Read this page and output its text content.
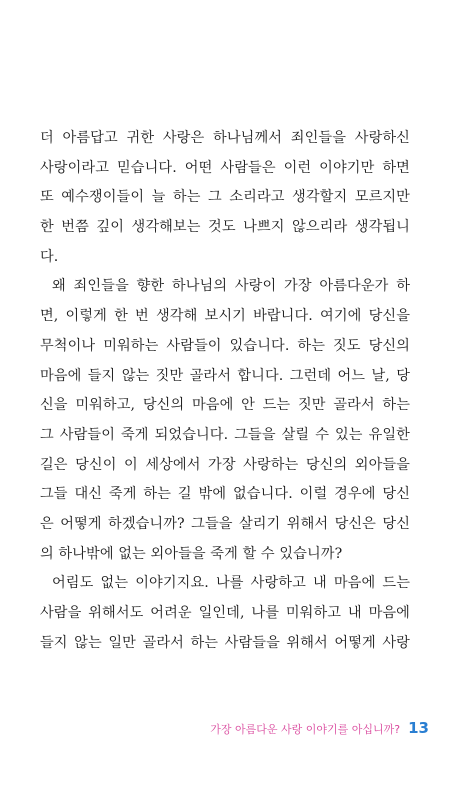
더 아름답고 귀한 사랑은 하나님께서 죄인들을 사랑하신
사랑이라고 믿습니다. 어떤 사람들은 이런 이야기만 하면
또 예수쟁이들이 늘 하는 그 소리라고 생각할지 모르지만
한 번쯤 깊이 생각해보는 것도 나쁘지 않으리라 생각됩니
다.
왜 죄인들을 향한 하나님의 사랑이 가장 아름다운가 하
면, 이렇게 한 번 생각해 보시기 바랍니다. 여기에 당신을
무척이나 미워하는 사람들이 있습니다. 하는 짓도 당신의
마음에 들지 않는 짓만 골라서 합니다. 그런데 어느 날, 당
신을 미워하고, 당신의 마음에 안 드는 짓만 골라서 하는
그 사람들이 죽게 되었습니다. 그들을 살릴 수 있는 유일한
길은 당신이 이 세상에서 가장 사랑하는 당신의 외아들을
그들 대신 죽게 하는 길 밖에 없습니다. 이럴 경우에 당신
은 어떻게 하겠습니까? 그들을 살리기 위해서 당신은 당신
의 하나밖에 없는 외아들을 죽게 할 수 있습니까?
어림도 없는 이야기지요. 나를 사랑하고 내 마음에 드는
사람을 위해서도 어려운 일인데, 나를 미워하고 내 마음에
들지 않는 일만 골라서 하는 사람들을 위해서 어떻게 사랑
가장 아름다운 사랑 이야기를 아십니까? 13
